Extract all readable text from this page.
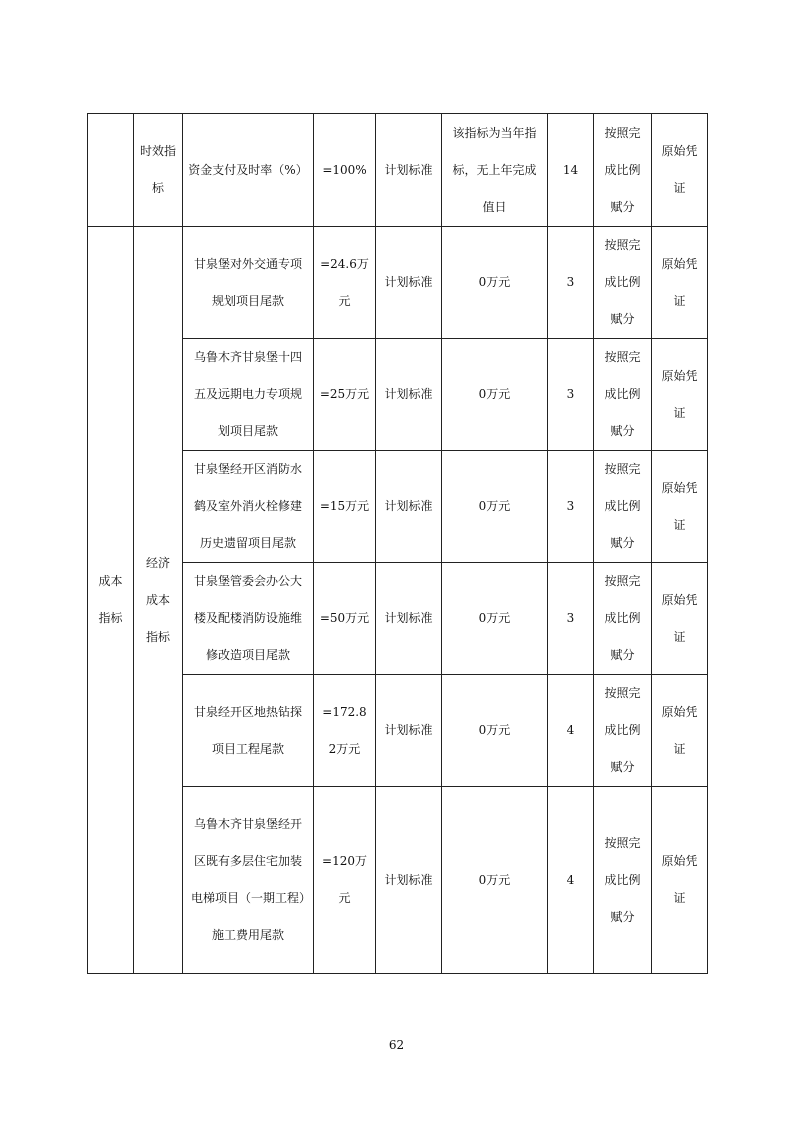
	时效指标	资金支付及时率（%）	=100%	计划标准	该指标为当年指标，无上年完成值日	14	按照完成比例赋分	原始凭证
成本指标	经济成本指标	甘泉堡对外交通专项规划项目尾款	=24.6万元	计划标准	0万元	3	按照完成比例赋分	原始凭证
		乌鲁木齐甘泉堡十四五及远期电力专项规划项目尾款	=25万元	计划标准	0万元	3	按照完成比例赋分	原始凭证
		甘泉堡经开区消防水鹤及室外消火栓修建历史遗留项目尾款	=15万元	计划标准	0万元	3	按照完成比例赋分	原始凭证
		甘泉堡管委会办公大楼及配楼消防设施维修改造项目尾款	=50万元	计划标准	0万元	3	按照完成比例赋分	原始凭证
		甘泉经开区地热钻探项目工程尾款	=172.82万元	计划标准	0万元	4	按照完成比例赋分	原始凭证
		乌鲁木齐甘泉堡经开区既有多层住宅加装电梯项目（一期工程）施工费用尾款	=120万元	计划标准	0万元	4	按照完成比例赋分	原始凭证
62
